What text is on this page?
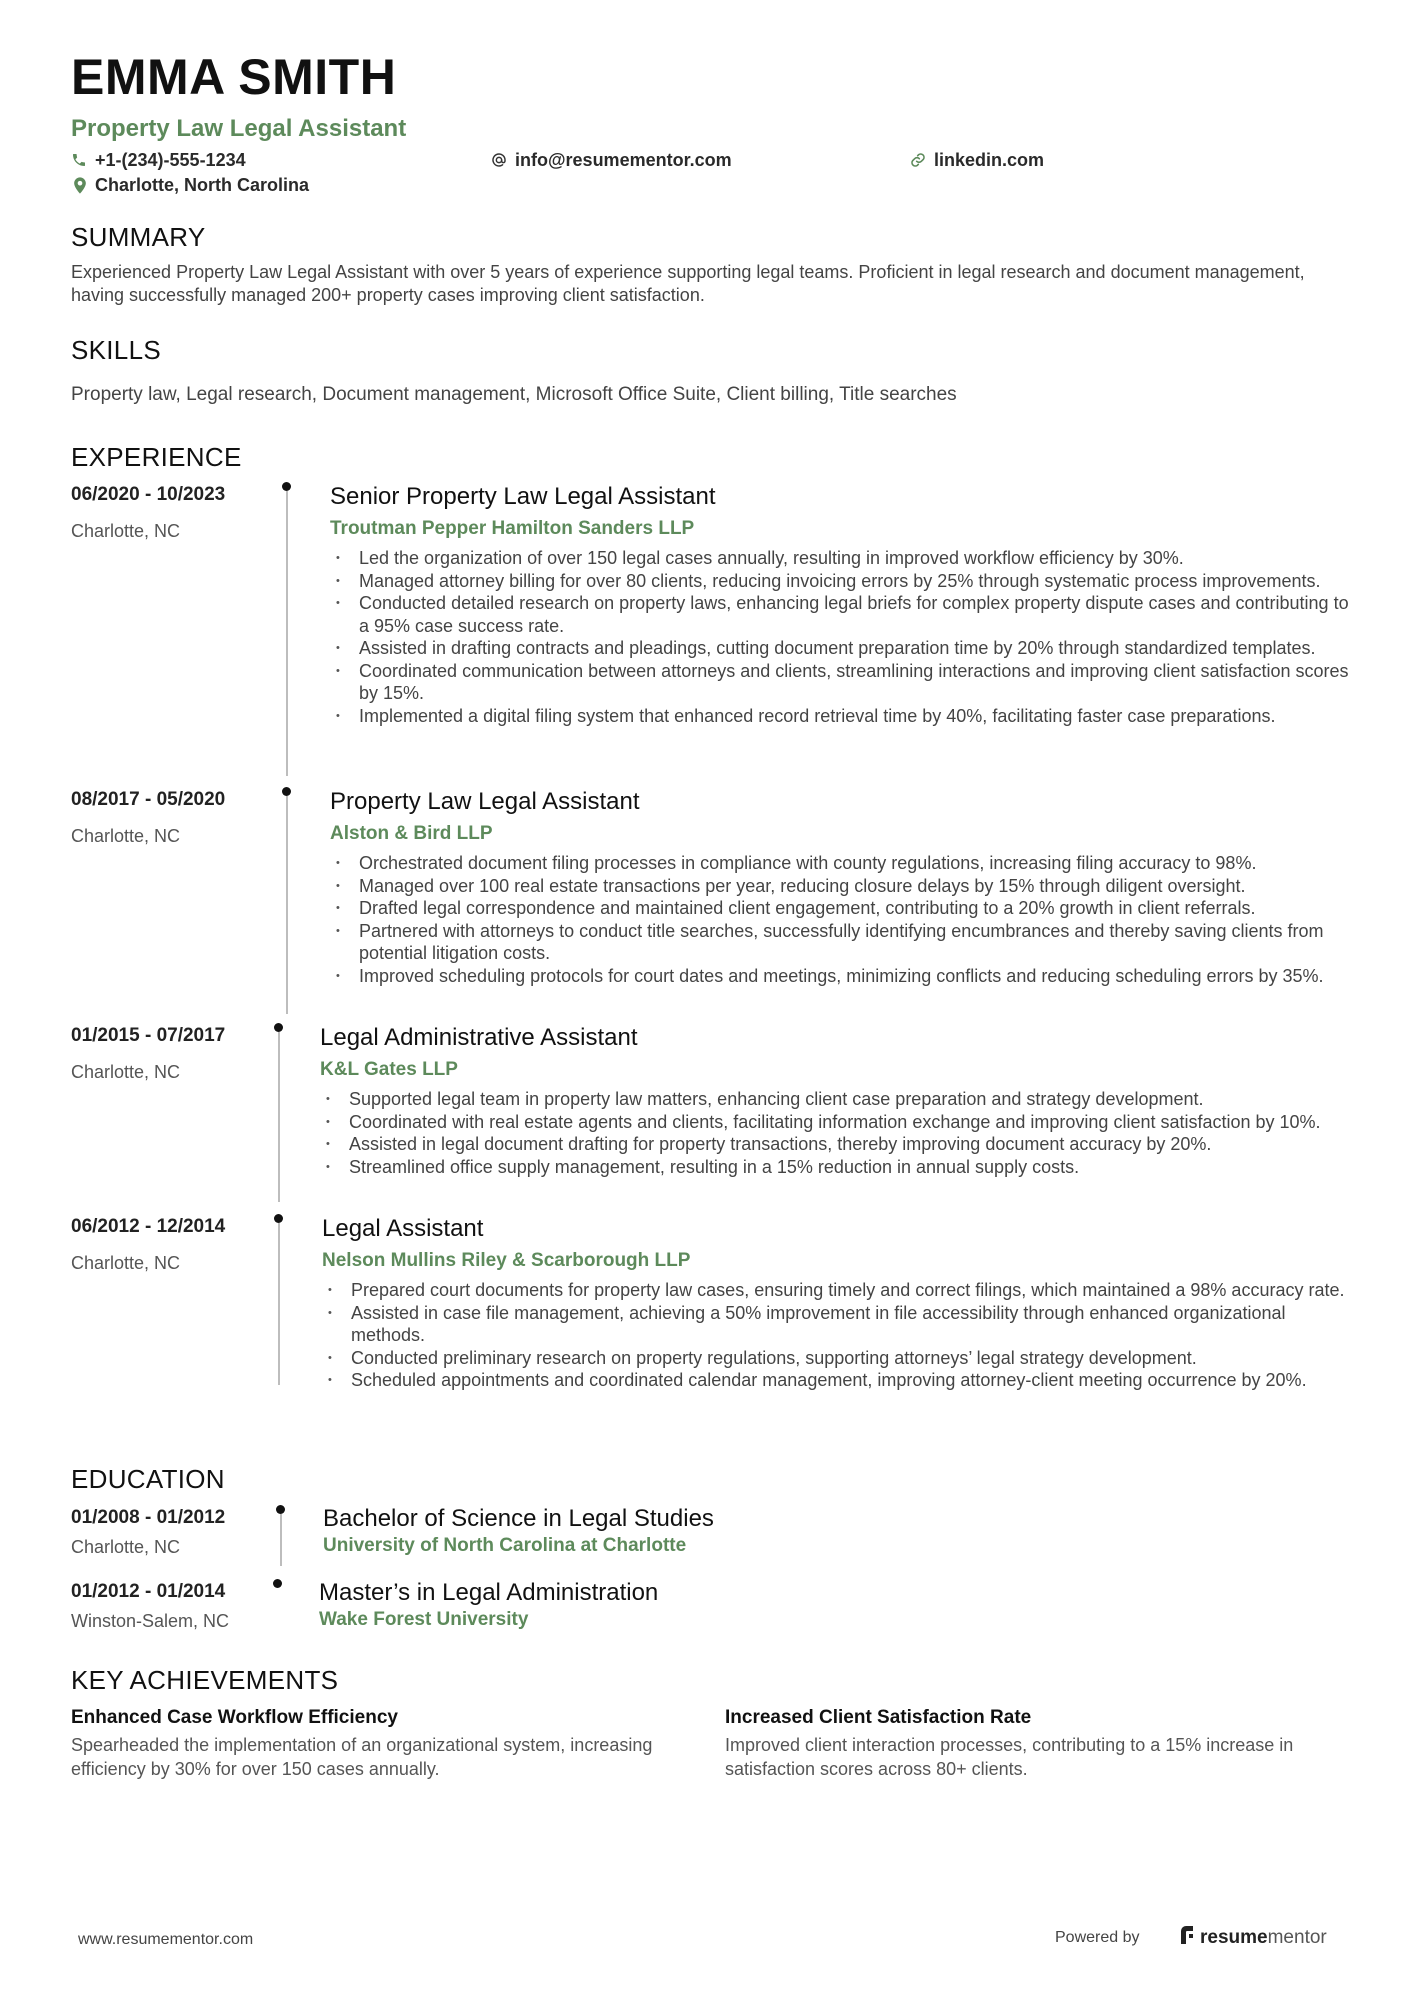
EMMA SMITH
Property Law Legal Assistant
+1-(234)-555-1234	info@resumementor.com	linkedin.com
Charlotte, North Carolina
SUMMARY
Experienced Property Law Legal Assistant with over 5 years of experience supporting legal teams. Proficient in legal research and document management, having successfully managed 200+ property cases improving client satisfaction.
SKILLS
Property law, Legal research, Document management, Microsoft Office Suite, Client billing, Title searches
EXPERIENCE
06/2020 - 10/2023
Charlotte, NC
Senior Property Law Legal Assistant
Troutman Pepper Hamilton Sanders LLP
• Led the organization of over 150 legal cases annually, resulting in improved workflow efficiency by 30%.
• Managed attorney billing for over 80 clients, reducing invoicing errors by 25% through systematic process improvements.
• Conducted detailed research on property laws, enhancing legal briefs for complex property dispute cases and contributing to a 95% case success rate.
• Assisted in drafting contracts and pleadings, cutting document preparation time by 20% through standardized templates.
• Coordinated communication between attorneys and clients, streamlining interactions and improving client satisfaction scores by 15%.
• Implemented a digital filing system that enhanced record retrieval time by 40%, facilitating faster case preparations.
08/2017 - 05/2020
Charlotte, NC
Property Law Legal Assistant
Alston & Bird LLP
• Orchestrated document filing processes in compliance with county regulations, increasing filing accuracy to 98%.
• Managed over 100 real estate transactions per year, reducing closure delays by 15% through diligent oversight.
• Drafted legal correspondence and maintained client engagement, contributing to a 20% growth in client referrals.
• Partnered with attorneys to conduct title searches, successfully identifying encumbrances and thereby saving clients from potential litigation costs.
• Improved scheduling protocols for court dates and meetings, minimizing conflicts and reducing scheduling errors by 35%.
01/2015 - 07/2017
Charlotte, NC
Legal Administrative Assistant
K&L Gates LLP
• Supported legal team in property law matters, enhancing client case preparation and strategy development.
• Coordinated with real estate agents and clients, facilitating information exchange and improving client satisfaction by 10%.
• Assisted in legal document drafting for property transactions, thereby improving document accuracy by 20%.
• Streamlined office supply management, resulting in a 15% reduction in annual supply costs.
06/2012 - 12/2014
Charlotte, NC
Legal Assistant
Nelson Mullins Riley & Scarborough LLP
• Prepared court documents for property law cases, ensuring timely and correct filings, which maintained a 98% accuracy rate.
• Assisted in case file management, achieving a 50% improvement in file accessibility through enhanced organizational methods.
• Conducted preliminary research on property regulations, supporting attorneys’ legal strategy development.
• Scheduled appointments and coordinated calendar management, improving attorney-client meeting occurrence by 20%.
EDUCATION
01/2008 - 01/2012
Charlotte, NC
Bachelor of Science in Legal Studies
University of North Carolina at Charlotte
01/2012 - 01/2014
Winston-Salem, NC
Master’s in Legal Administration
Wake Forest University
KEY ACHIEVEMENTS
Enhanced Case Workflow Efficiency
Spearheaded the implementation of an organizational system, increasing efficiency by 30% for over 150 cases annually.
Increased Client Satisfaction Rate
Improved client interaction processes, contributing to a 15% increase in satisfaction scores across 80+ clients.
www.resumementor.com	Powered by	resumementor
